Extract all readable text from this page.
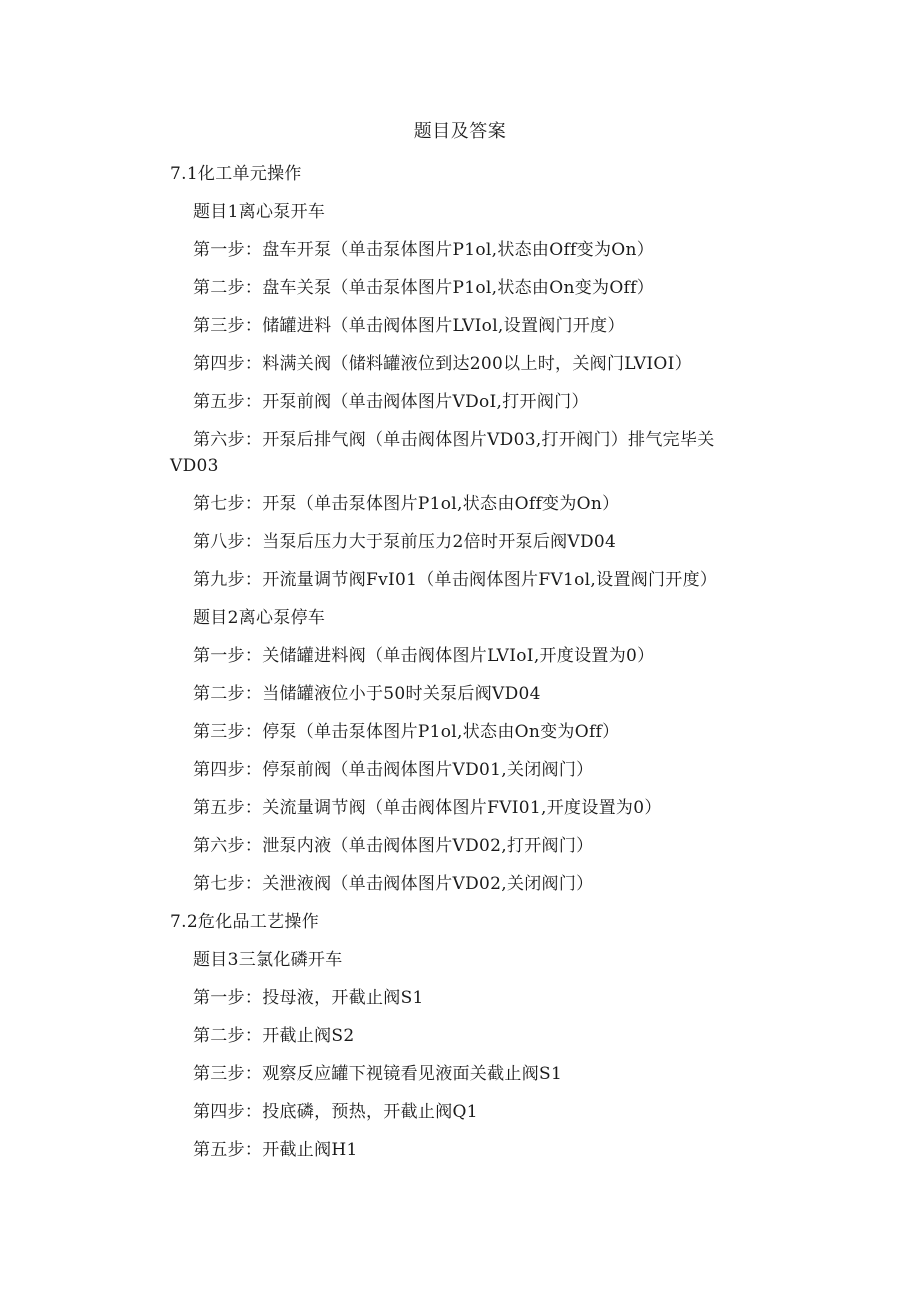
题目及答案
7.1化工单元操作
题目1离心泵开车
第一步：盘车开泵（单击泵体图片P1ol,状态由Off变为On）
第二步：盘车关泵（单击泵体图片P1ol,状态由On变为Off）
第三步：储罐进料（单击阀体图片LVIol,设置阀门开度）
第四步：料满关阀（储料罐液位到达200以上时，关阀门LVIOI）
第五步：开泵前阀（单击阀体图片VDoI,打开阀门）
第六步：开泵后排气阀（单击阀体图片VD03,打开阀门）排气完毕关
VD03
第七步：开泵（单击泵体图片P1ol,状态由Off变为On）
第八步：当泵后压力大于泵前压力2倍时开泵后阀VD04
第九步：开流量调节阀FvI01（单击阀体图片FV1ol,设置阀门开度）
题目2离心泵停车
第一步：关储罐进料阀（单击阀体图片LVIoI,开度设置为0）
第二步：当储罐液位小于50时关泵后阀VD04
第三步：停泵（单击泵体图片P1ol,状态由On变为Off）
第四步：停泵前阀（单击阀体图片VD01,关闭阀门）
第五步：关流量调节阀（单击阀体图片FVI01,开度设置为0）
第六步：泄泵内液（单击阀体图片VD02,打开阀门）
第七步：关泄液阀（单击阀体图片VD02,关闭阀门）
7.2危化品工艺操作
题目3三氯化磷开车
第一步：投母液，开截止阀S1
第二步：开截止阀S2
第三步：观察反应罐下视镜看见液面关截止阀S1
第四步：投底磷，预热，开截止阀Q1
第五步：开截止阀H1
